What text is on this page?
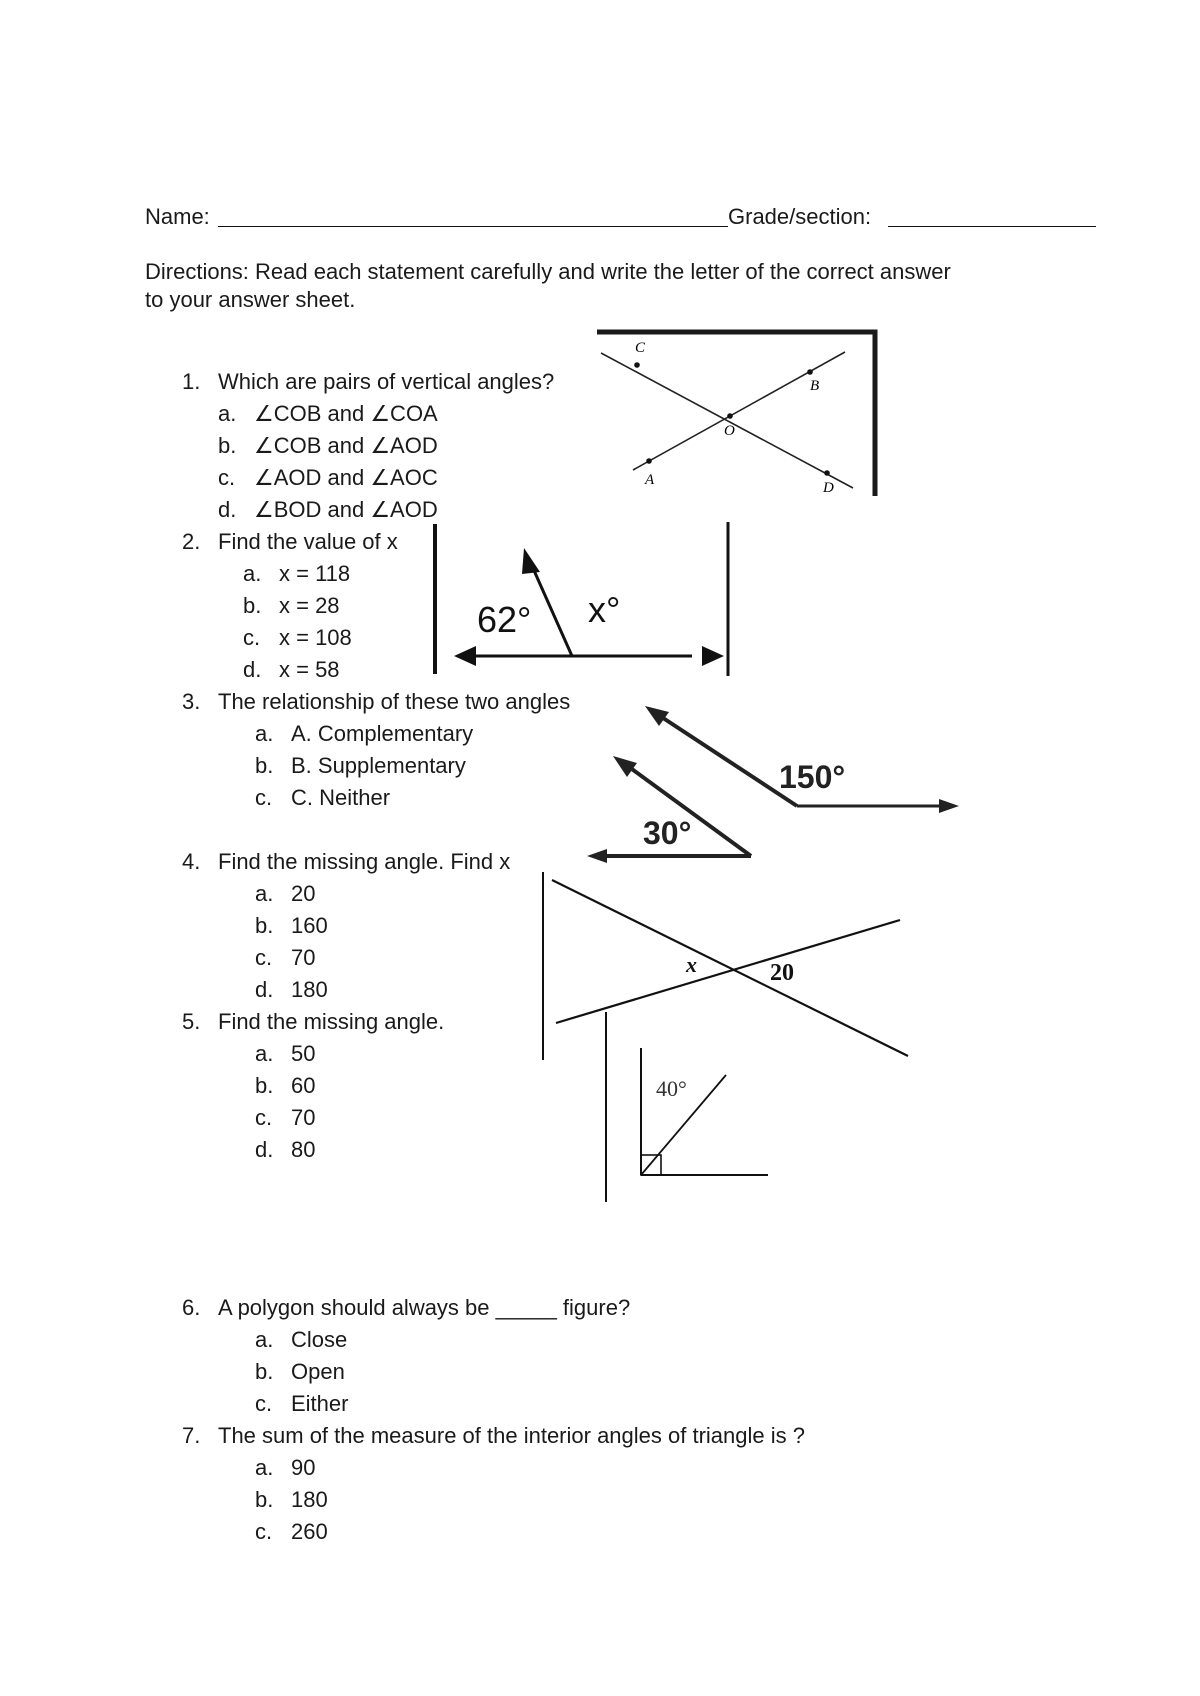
Name:	Grade/section:
Directions: Read each statement carefully and write the letter of the correct answer
to your answer sheet.
1. Which are pairs of vertical angles?
a. ∠COB and ∠COA
b. ∠COB and ∠AOD
c. ∠AOD and ∠AOC
d. ∠BOD and ∠AOD
2. Find the value of x
a. x = 118
b. x = 28
c. x = 108
d. x = 58
3. The relationship of these two angles
a. A. Complementary
b. B. Supplementary
c. C. Neither
4. Find the missing angle. Find x
a. 20
b. 160
c. 70
d. 180
5. Find the missing angle.
a. 50
b. 60
c. 70
d. 80
6. A polygon should always be _____ figure?
a. Close
b. Open
c. Either
7. The sum of the measure of the interior angles of triangle is ?
a. 90
b. 180
c. 260
C
B
O
A	D
62° x°
150°
30°
x	20
40°
